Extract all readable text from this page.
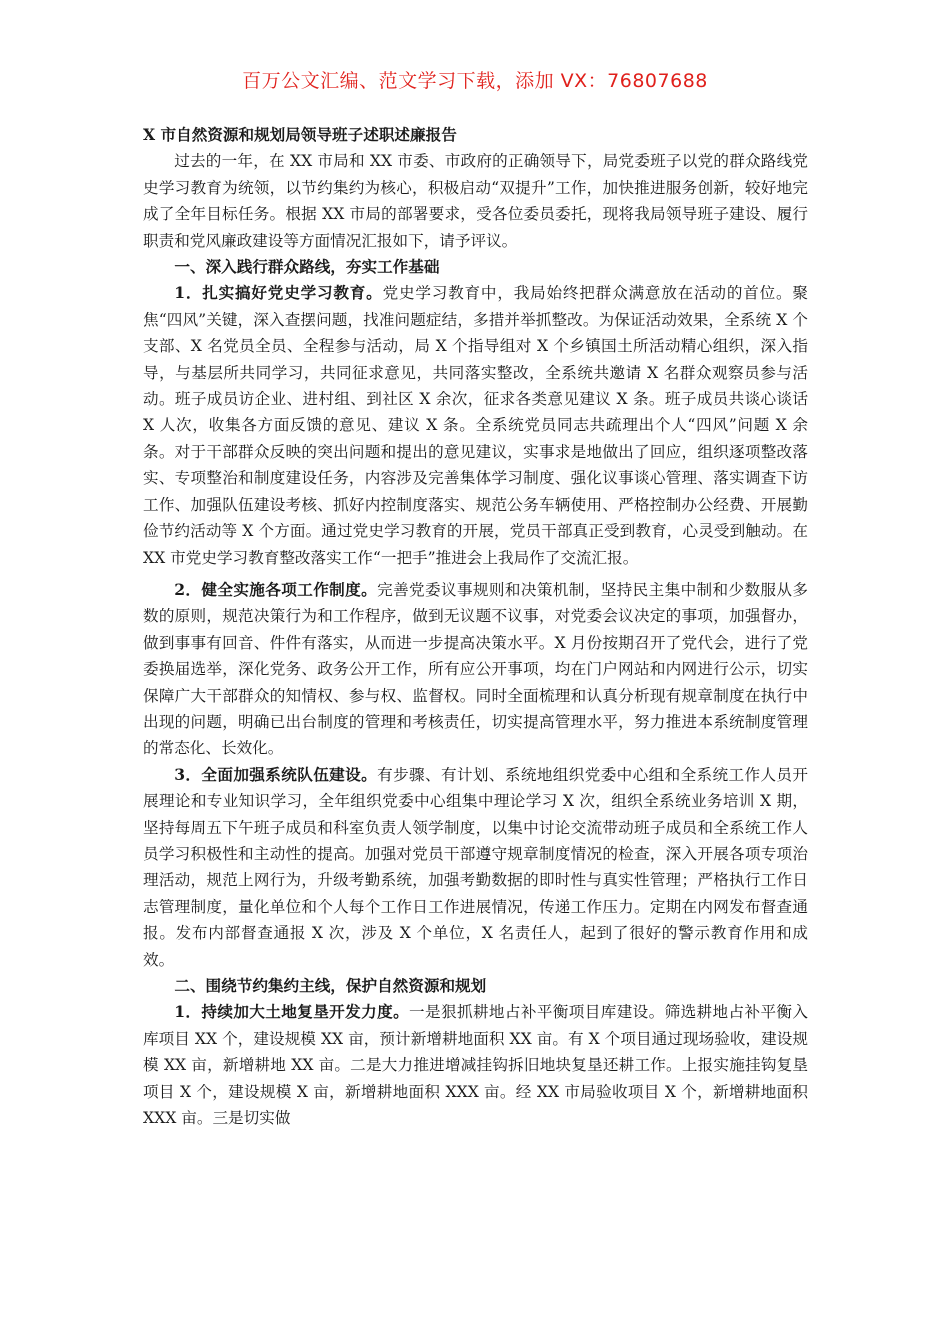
百万公文汇编、范文学习下载，添加 VX：76807688
X 市自然资源和规划局领导班子述职述廉报告

过去的一年，在 XX 市局和 XX 市委、市政府的正确领导下，局党委班子以党的群众路线党史学习教育为统领，以节约集约为核心，积极启动“双提升”工作，加快推进服务创新，较好地完成了全年目标任务。根据 XX 市局的部署要求，受各位委员委托，现将我局领导班子建设、履行职责和党风廉政建设等方面情况汇报如下，请予评议。

一、深入践行群众路线，夯实工作基础

1．扎实搞好党史学习教育。党史学习教育中，我局始终把群众满意放在活动的首位。聚焦“四风”关键，深入查摆问题，找准问题症结，多措并举抓整改。为保证活动效果，全系统 X 个支部、X 名党员全员、全程参与活动，局 X 个指导组对 X 个乡镇国土所活动精心组织，深入指导，与基层所共同学习，共同征求意见，共同落实整改，全系统共邀请 X 名群众观察员参与活动。班子成员访企业、进村组、到社区 X 余次，征求各类意见建议 X 条。班子成员共谈心谈话 X 人次，收集各方面反馈的意见、建议 X 条。全系统党员同志共疏理出个人“四风”问题 X 余条。对于干部群众反映的突出问题和提出的意见建议，实事求是地做出了回应，组织逐项整改落实、专项整治和制度建设任务，内容涉及完善集体学习制度、强化议事谈心管理、落实调查下访工作、加强队伍建设考核、抓好内控制度落实、规范公务车辆使用、严格控制办公经费、开展勤俭节约活动等 X 个方面。通过党史学习教育的开展，党员干部真正受到教育，心灵受到触动。在 XX 市党史学习教育整改落实工作“一把手”推进会上我局作了交流汇报。

2．健全实施各项工作制度。完善党委议事规则和决策机制，坚持民主集中制和少数服从多数的原则，规范决策行为和工作程序，做到无议题不议事，对党委会议决定的事项，加强督办，做到事事有回音、件件有落实，从而进一步提高决策水平。X 月份按期召开了党代会，进行了党委换届选举，深化党务、政务公开工作，所有应公开事项，均在门户网站和内网进行公示，切实保障广大干部群众的知情权、参与权、监督权。同时全面梳理和认真分析现有规章制度在执行中出现的问题，明确已出台制度的管理和考核责任，切实提高管理水平，努力推进本系统制度管理的常态化、长效化。

3．全面加强系统队伍建设。有步骤、有计划、系统地组织党委中心组和全系统工作人员开展理论和专业知识学习，全年组织党委中心组集中理论学习 X 次，组织全系统业务培训 X 期，坚持每周五下午班子成员和科室负责人领学制度，以集中讨论交流带动班子成员和全系统工作人员学习积极性和主动性的提高。加强对党员干部遵守规章制度情况的检查，深入开展各项专项治理活动，规范上网行为，升级考勤系统，加强考勤数据的即时性与真实性管理；严格执行工作日志管理制度，量化单位和个人每个工作日工作进展情况，传递工作压力。定期在内网发布督查通报。发布内部督查通报 X 次，涉及 X 个单位，X 名责任人，起到了很好的警示教育作用和成效。

二、围绕节约集约主线，保护自然资源和规划

1．持续加大土地复垦开发力度。一是狠抓耕地占补平衡项目库建设。筛选耕地占补平衡入库项目 XX 个，建设规模 XX 亩，预计新增耕地面积 XX 亩。有 X 个项目通过现场验收，建设规模 XX 亩，新增耕地 XX 亩。二是大力推进增减挂钩拆旧地块复垦还耕工作。上报实施挂钩复垦项目 X 个，建设规模 X 亩，新增耕地面积 XXX 亩。经 XX 市局验收项目 X 个，新增耕地面积 XXX 亩。三是切实做
